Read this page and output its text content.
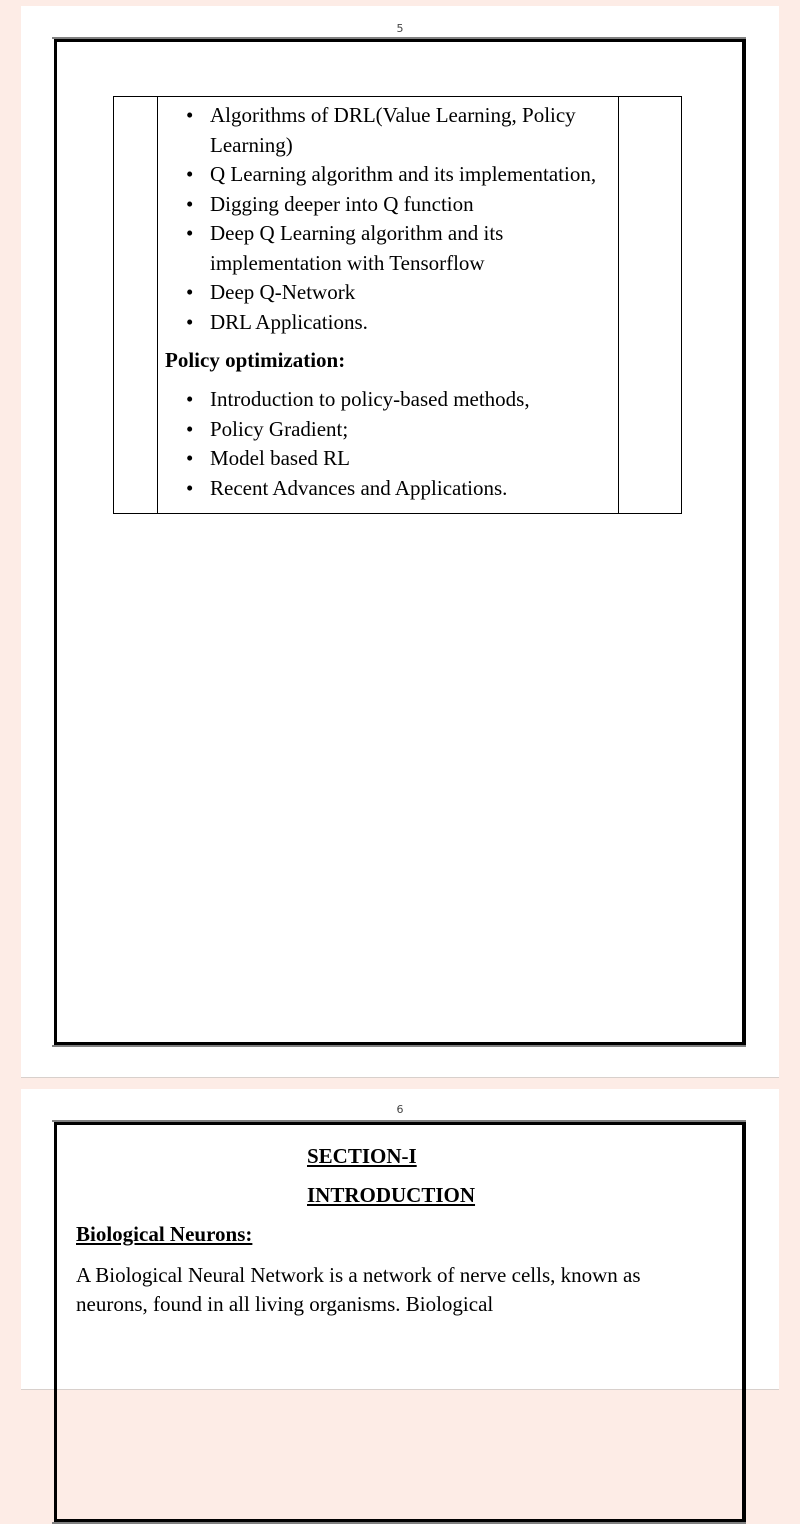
5

• Algorithms of DRL(Value Learning, Policy Learning)
• Q Learning algorithm and its implementation,
• Digging deeper into Q function
• Deep Q Learning algorithm and its implementation with Tensorflow
• Deep Q-Network
• DRL Applications.
Policy optimization:
• Introduction to policy-based methods,
• Policy Gradient;
• Model based RL
• Recent Advances and Applications.

6
SECTION-I
INTRODUCTION
Biological Neurons:
A Biological Neural Network is a network of nerve cells, known as neurons, found in all living organisms. Biological
